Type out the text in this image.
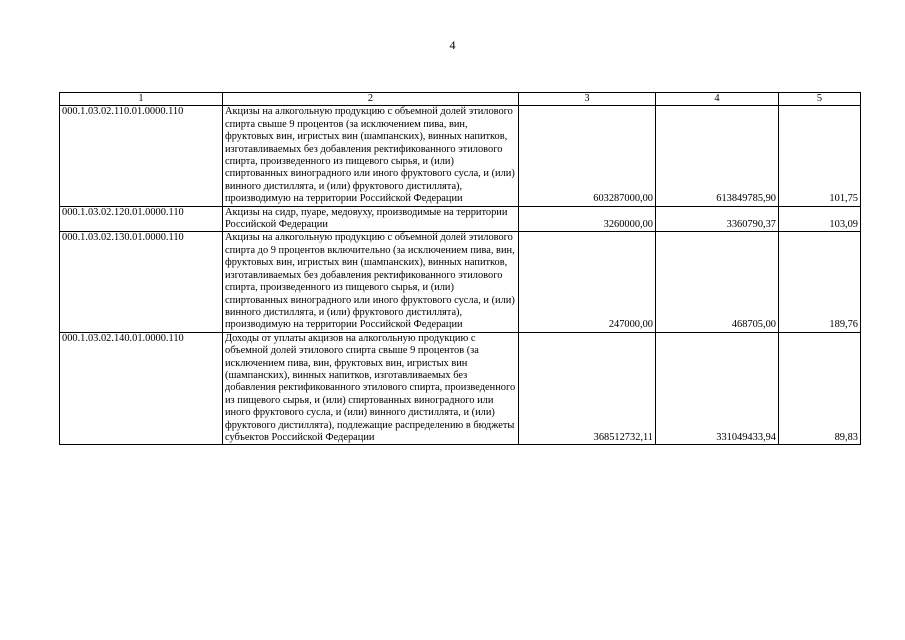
4
1	2	3	4	5
000.1.03.02.110.01.0000.110	Акцизы на алкогольную продукцию с объемной долей этилового спирта свыше 9 процентов (за исключением пива, вин, фруктовых вин, игристых вин (шампанских), винных напитков, изготавливаемых без добавления ректификованного этилового спирта, произведенного из пищевого сырья, и (или) спиртованных виноградного или иного фруктового сусла, и (или) винного дистиллята, и (или) фруктового дистиллята), производимую на территории Российской Федерации	603287000,00	613849785,90	101,75
000.1.03.02.120.01.0000.110	Акцизы на сидр, пуаре, медовуху, производимые на территории Российской Федерации	3260000,00	3360790,37	103,09
000.1.03.02.130.01.0000.110	Акцизы на алкогольную продукцию с объемной долей этилового спирта до 9 процентов включительно (за исключением пива, вин, фруктовых вин, игристых вин (шампанских), винных напитков, изготавливаемых без добавления ректификованного этилового спирта, произведенного из пищевого сырья, и (или) спиртованных виноградного или иного фруктового сусла, и (или) винного дистиллята, и (или) фруктового дистиллята), производимую на территории Российской Федерации	247000,00	468705,00	189,76
000.1.03.02.140.01.0000.110	Доходы от уплаты акцизов на алкогольную продукцию с объемной долей этилового спирта свыше 9 процентов (за исключением пива, вин, фруктовых вин, игристых вин (шампанских), винных напитков, изготавливаемых без добавления ректификованного этилового спирта, произведенного из пищевого сырья, и (или) спиртованных виноградного или иного фруктового сусла, и (или) винного дистиллята, и (или) фруктового дистиллята), подлежащие распределению в бюджеты субъектов Российской Федерации	368512732,11	331049433,94	89,83
